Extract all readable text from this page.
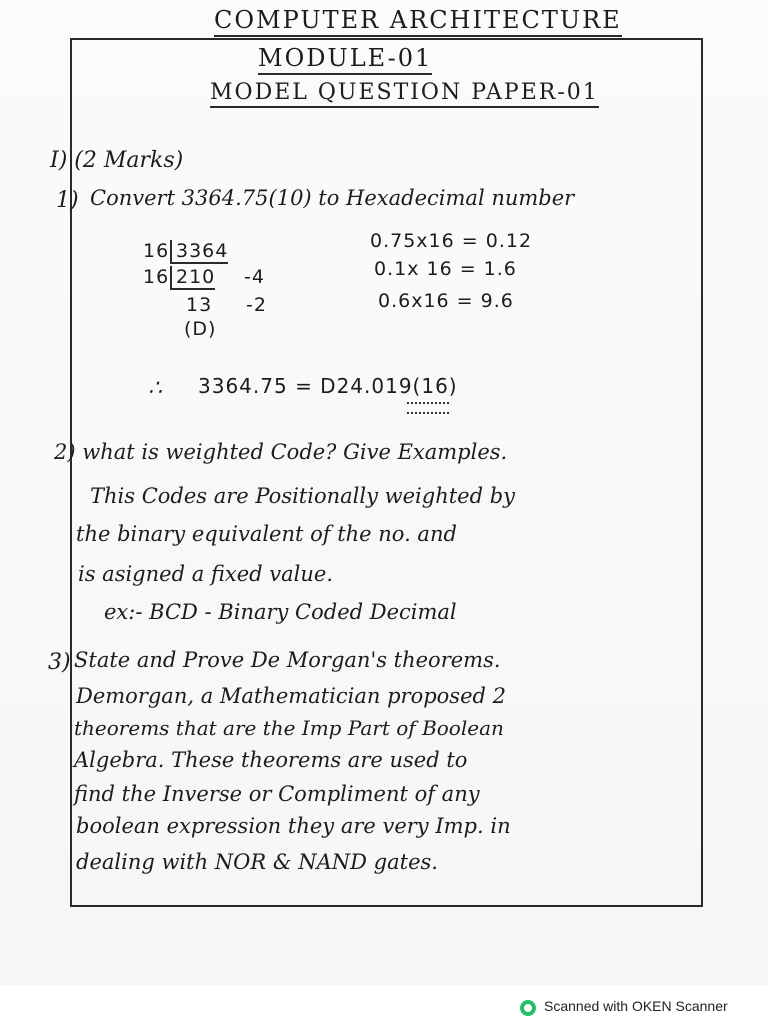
COMPUTER ARCHITECTURE
MODULE-01
MODEL QUESTION PAPER-01
I) (2 Marks)
1) Convert 3364.75(10) to Hexadecimal number
16 3364
16 210 -4
13 -2
(D)
0.75x16 = 0.12
0.1x 16 = 1.6
0.6x16 = 9.6
∴ 3364.75 = D24.019(16)
2) what is weighted Code? Give Examples.
This Codes are Positionally weighted by
the binary equivalent of the no. and
is asigned a fixed value.
ex:- BCD - Binary Coded Decimal
3) State and Prove De Morgan's theorems.
Demorgan, a Mathematician proposed 2
theorems that are the Imp Part of Boolean
Algebra. These theorems are used to
find the Inverse or Compliment of any
boolean expression they are very Imp. in
dealing with NOR & NAND gates.
Scanned with OKEN Scanner
